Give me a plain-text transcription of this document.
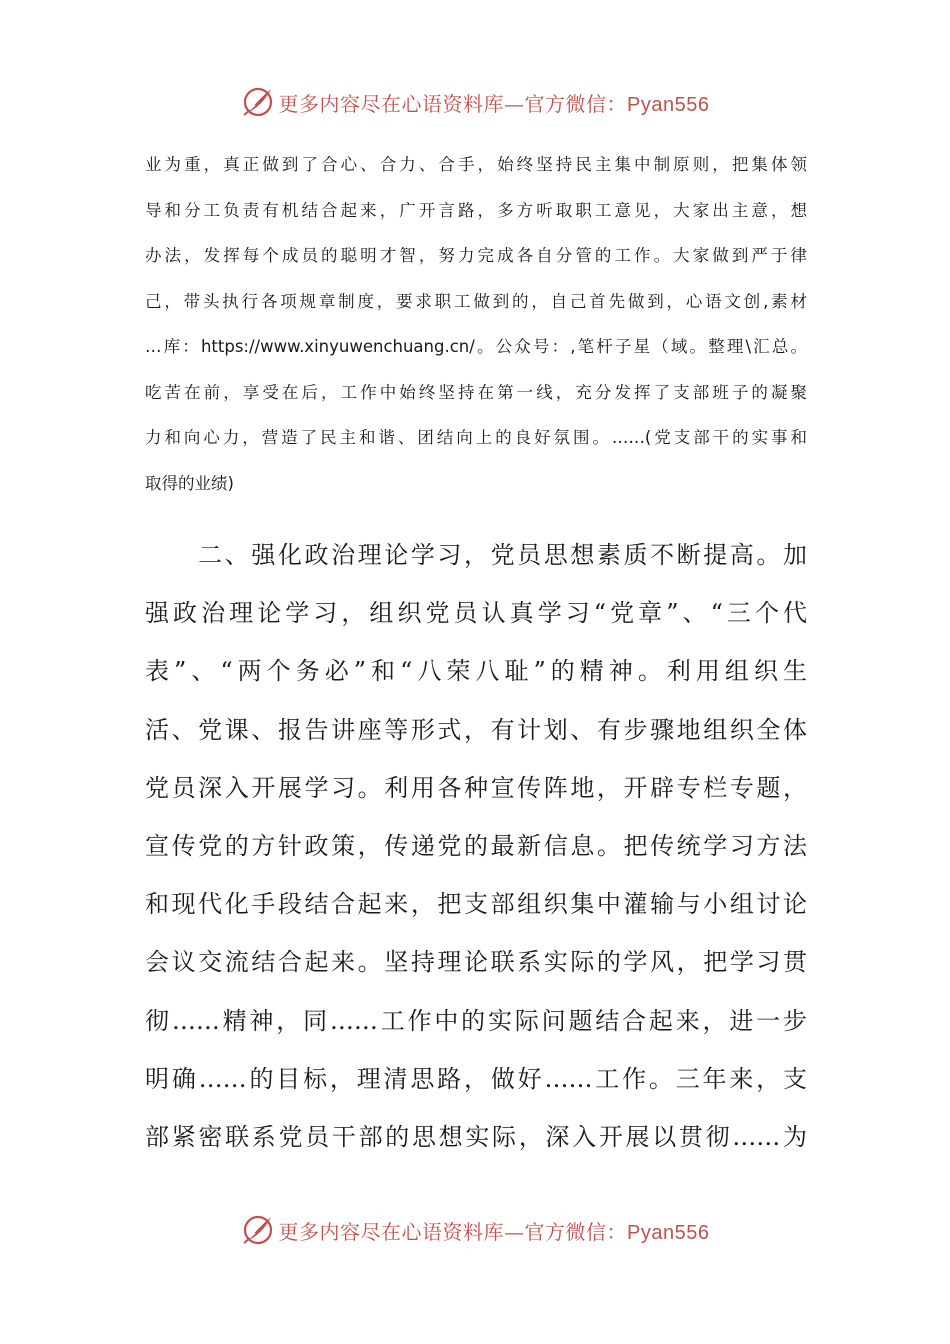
更多内容尽在心语资料库—官方微信：Pyan556
业为重，真正做到了合心、合力、合手，始终坚持民主集中制原则，把集体领
导和分工负责有机结合起来，广开言路，多方听取职工意见，大家出主意，想
办法，发挥每个成员的聪明才智，努力完成各自分管的工作。大家做到严于律
己，带头执行各项规章制度，要求职工做到的，自己首先做到，心语文创,素材
…库：https://www.xinyuwenchuang.cn/。公众号：,笔杆子星（域。整理\汇总。
吃苦在前，享受在后，工作中始终坚持在第一线，充分发挥了支部班子的凝聚
力和向心力，营造了民主和谐、团结向上的良好氛围。……(党支部干的实事和
取得的业绩)
　　二、强化政治理论学习，党员思想素质不断提高。加
强政治理论学习，组织党员认真学习“党章”、“三个代
表”、“两个务必”和“八荣八耻”的精神。利用组织生
活、党课、报告讲座等形式，有计划、有步骤地组织全体
党员深入开展学习。利用各种宣传阵地，开辟专栏专题，
宣传党的方针政策，传递党的最新信息。把传统学习方法
和现代化手段结合起来，把支部组织集中灌输与小组讨论
会议交流结合起来。坚持理论联系实际的学风，把学习贯
彻……精神，同……工作中的实际问题结合起来，进一步
明确……的目标，理清思路，做好……工作。三年来，支
部紧密联系党员干部的思想实际，深入开展以贯彻……为
更多内容尽在心语资料库—官方微信：Pyan556
